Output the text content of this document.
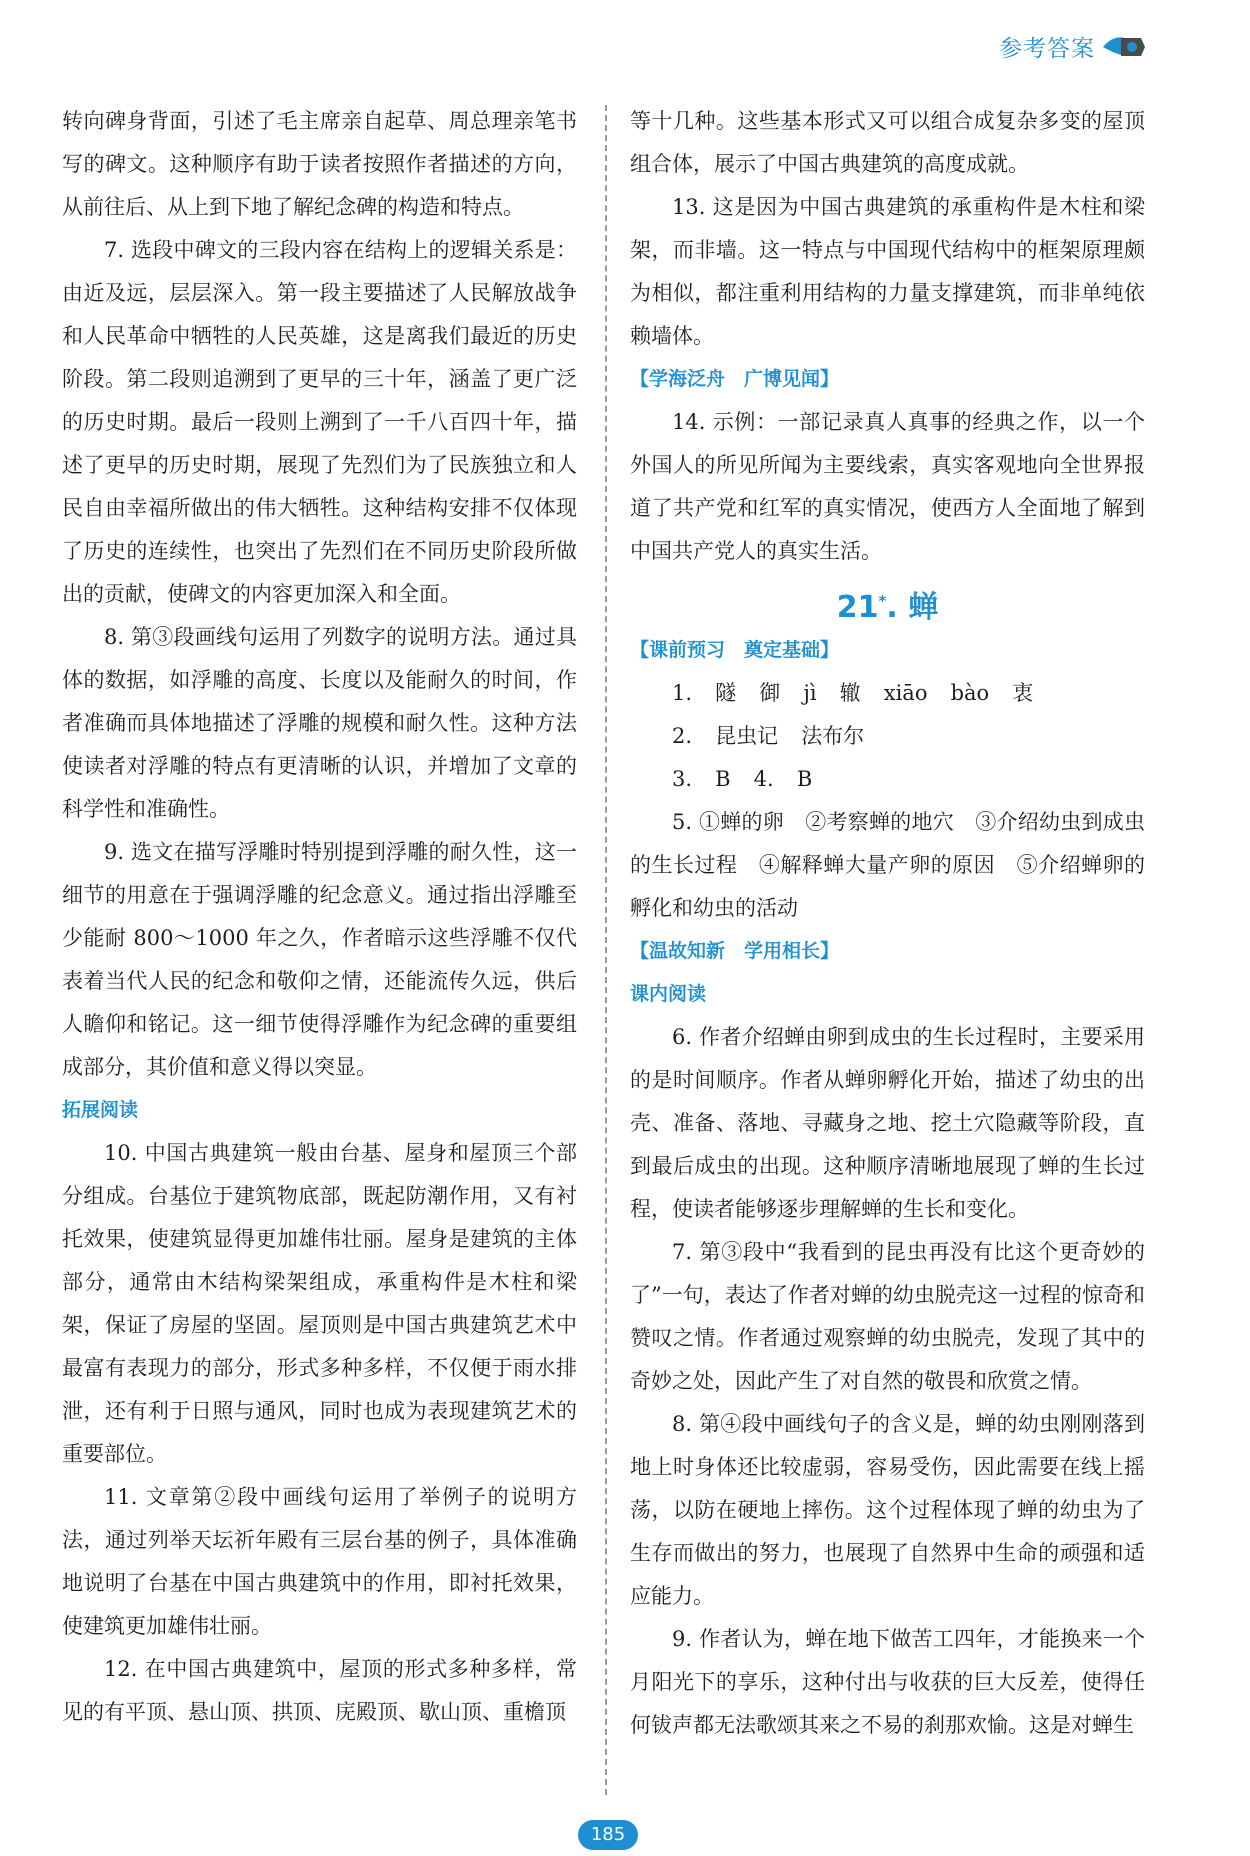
参考答案

转向碑身背面，引述了毛主席亲自起草、周总理亲笔书写的碑文。这种顺序有助于读者按照作者描述的方向，从前往后、从上到下地了解纪念碑的构造和特点。

7. 选段中碑文的三段内容在结构上的逻辑关系是：由近及远，层层深入。第一段主要描述了人民解放战争和人民革命中牺牲的人民英雄，这是离我们最近的历史阶段。第二段则追溯到了更早的三十年，涵盖了更广泛的历史时期。最后一段则上溯到了一千八百四十年，描述了更早的历史时期，展现了先烈们为了民族独立和人民自由幸福所做出的伟大牺牲。这种结构安排不仅体现了历史的连续性，也突出了先烈们在不同历史阶段所做出的贡献，使碑文的内容更加深入和全面。

8. 第③段画线句运用了列数字的说明方法。通过具体的数据，如浮雕的高度、长度以及能耐久的时间，作者准确而具体地描述了浮雕的规模和耐久性。这种方法使读者对浮雕的特点有更清晰的认识，并增加了文章的科学性和准确性。

9. 选文在描写浮雕时特别提到浮雕的耐久性，这一细节的用意在于强调浮雕的纪念意义。通过指出浮雕至少能耐 800～1000 年之久，作者暗示这些浮雕不仅代表着当代人民的纪念和敬仰之情，还能流传久远，供后人瞻仰和铭记。这一细节使得浮雕作为纪念碑的重要组成部分，其价值和意义得以突显。

拓展阅读

10. 中国古典建筑一般由台基、屋身和屋顶三个部分组成。台基位于建筑物底部，既起防潮作用，又有衬托效果，使建筑显得更加雄伟壮丽。屋身是建筑的主体部分，通常由木结构梁架组成，承重构件是木柱和梁架，保证了房屋的坚固。屋顶则是中国古典建筑艺术中最富有表现力的部分，形式多种多样，不仅便于雨水排泄，还有利于日照与通风，同时也成为表现建筑艺术的重要部位。

11. 文章第②段中画线句运用了举例子的说明方法，通过列举天坛祈年殿有三层台基的例子，具体准确地说明了台基在中国古典建筑中的作用，即衬托效果，使建筑更加雄伟壮丽。

12. 在中国古典建筑中，屋顶的形式多种多样，常见的有平顶、悬山顶、拱顶、庑殿顶、歇山顶、重檐顶

等十几种。这些基本形式又可以组合成复杂多变的屋顶组合体，展示了中国古典建筑的高度成就。

13. 这是因为中国古典建筑的承重构件是木柱和梁架，而非墙。这一特点与中国现代结构中的框架原理颇为相似，都注重利用结构的力量支撑建筑，而非单纯依赖墙体。

【学海泛舟　广博见闻】

14. 示例：一部记录真人真事的经典之作，以一个外国人的所见所闻为主要线索，真实客观地向全世界报道了共产党和红军的真实情况，使西方人全面地了解到中国共产党人的真实生活。

21*. 蝉

【课前预习　奠定基础】

1. 隧 御 jì 辙 xiāo bào 衷

2. 昆虫记 法布尔

3. B 4. B

5. ①蝉的卵　②考察蝉的地穴　③介绍幼虫到成虫的生长过程　④解释蝉大量产卵的原因　⑤介绍蝉卵的孵化和幼虫的活动

【温故知新　学用相长】

课内阅读

6. 作者介绍蝉由卵到成虫的生长过程时，主要采用的是时间顺序。作者从蝉卵孵化开始，描述了幼虫的出壳、准备、落地、寻藏身之地、挖土穴隐藏等阶段，直到最后成虫的出现。这种顺序清晰地展现了蝉的生长过程，使读者能够逐步理解蝉的生长和变化。

7. 第③段中“我看到的昆虫再没有比这个更奇妙的了”一句，表达了作者对蝉的幼虫脱壳这一过程的惊奇和赞叹之情。作者通过观察蝉的幼虫脱壳，发现了其中的奇妙之处，因此产生了对自然的敬畏和欣赏之情。

8. 第④段中画线句子的含义是，蝉的幼虫刚刚落到地上时身体还比较虚弱，容易受伤，因此需要在线上摇荡，以防在硬地上摔伤。这个过程体现了蝉的幼虫为了生存而做出的努力，也展现了自然界中生命的顽强和适应能力。

9. 作者认为，蝉在地下做苦工四年，才能换来一个月阳光下的享乐，这种付出与收获的巨大反差，使得任何钹声都无法歌颂其来之不易的刹那欢愉。这是对蝉生

185
